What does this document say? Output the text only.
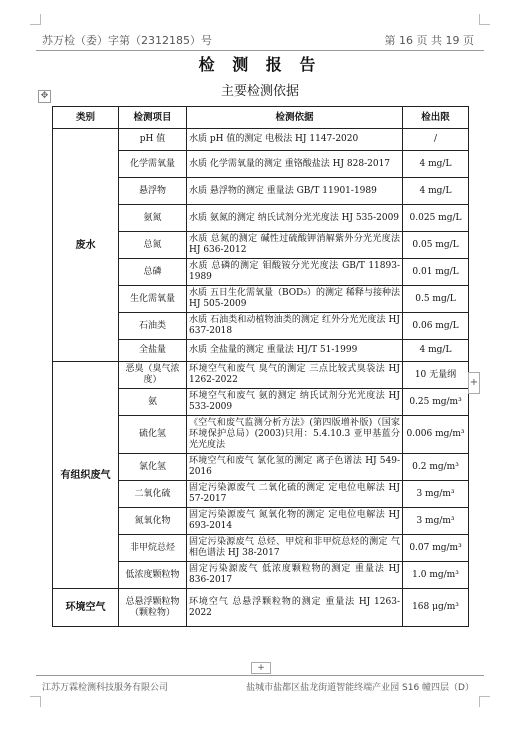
苏万检（委）字第（2312185）号	第 16 页 共 19 页
检 测 报 告
主要检测依据
✥
类别	检测项目	检测依据	检出限
废水	pH 值	水质 pH 值的测定 电极法 HJ 1147-2020	/
	化学需氧量	水质 化学需氧量的测定 重铬酸盐法 HJ 828-2017	4 mg/L
	悬浮物	水质 悬浮物的测定 重量法 GB/T 11901-1989	4 mg/L
	氨氮	水质 氨氮的测定 纳氏试剂分光光度法 HJ 535-2009	0.025 mg/L
	总氮	水质 总氮的测定 碱性过硫酸钾消解紫外分光光度法 HJ 636-2012	0.05 mg/L
	总磷	水质 总磷的测定 钼酸铵分光光度法 GB/T 11893-1989	0.01 mg/L
	生化需氧量	水质 五日生化需氧量（BOD₅）的测定 稀释与接种法 HJ 505-2009	0.5 mg/L
	石油类	水质 石油类和动植物油类的测定 红外分光光度法 HJ 637-2018	0.06 mg/L
	全盐量	水质 全盐量的测定 重量法 HJ/T 51-1999	4 mg/L
有组织废气	恶臭（臭气浓度）	环境空气和废气 臭气的测定 三点比较式臭袋法 HJ 1262-2022	10 无量纲
	氨	环境空气和废气 氨的测定 纳氏试剂分光光度法 HJ 533-2009	0.25 mg/m³
	硫化氢	《空气和废气监测分析方法》(第四版增补版)（国家环境保护总局）(2003)只用：5.4.10.3 亚甲基蓝分光光度法	0.006 mg/m³
	氯化氢	环境空气和废气 氯化氢的测定 离子色谱法 HJ 549-2016	0.2 mg/m³
	二氧化硫	固定污染源废气 二氧化硫的测定 定电位电解法 HJ 57-2017	3 mg/m³
	氮氧化物	固定污染源废气 氮氧化物的测定 定电位电解法 HJ 693-2014	3 mg/m³
	非甲烷总烃	固定污染源废气 总烃、甲烷和非甲烷总烃的测定 气相色谱法 HJ 38-2017	0.07 mg/m³
	低浓度颗粒物	固定污染源废气 低浓度颗粒物的测定 重量法 HJ 836-2017	1.0 mg/m³
环境空气	总悬浮颗粒物（颗粒物）	环境空气 总悬浮颗粒物的测定 重量法 HJ 1263-2022	168 μg/m³
+
+
江苏万霖检测科技服务有限公司	盐城市盐都区盐龙街道智能终端产业园 S16 幢四层（D）
